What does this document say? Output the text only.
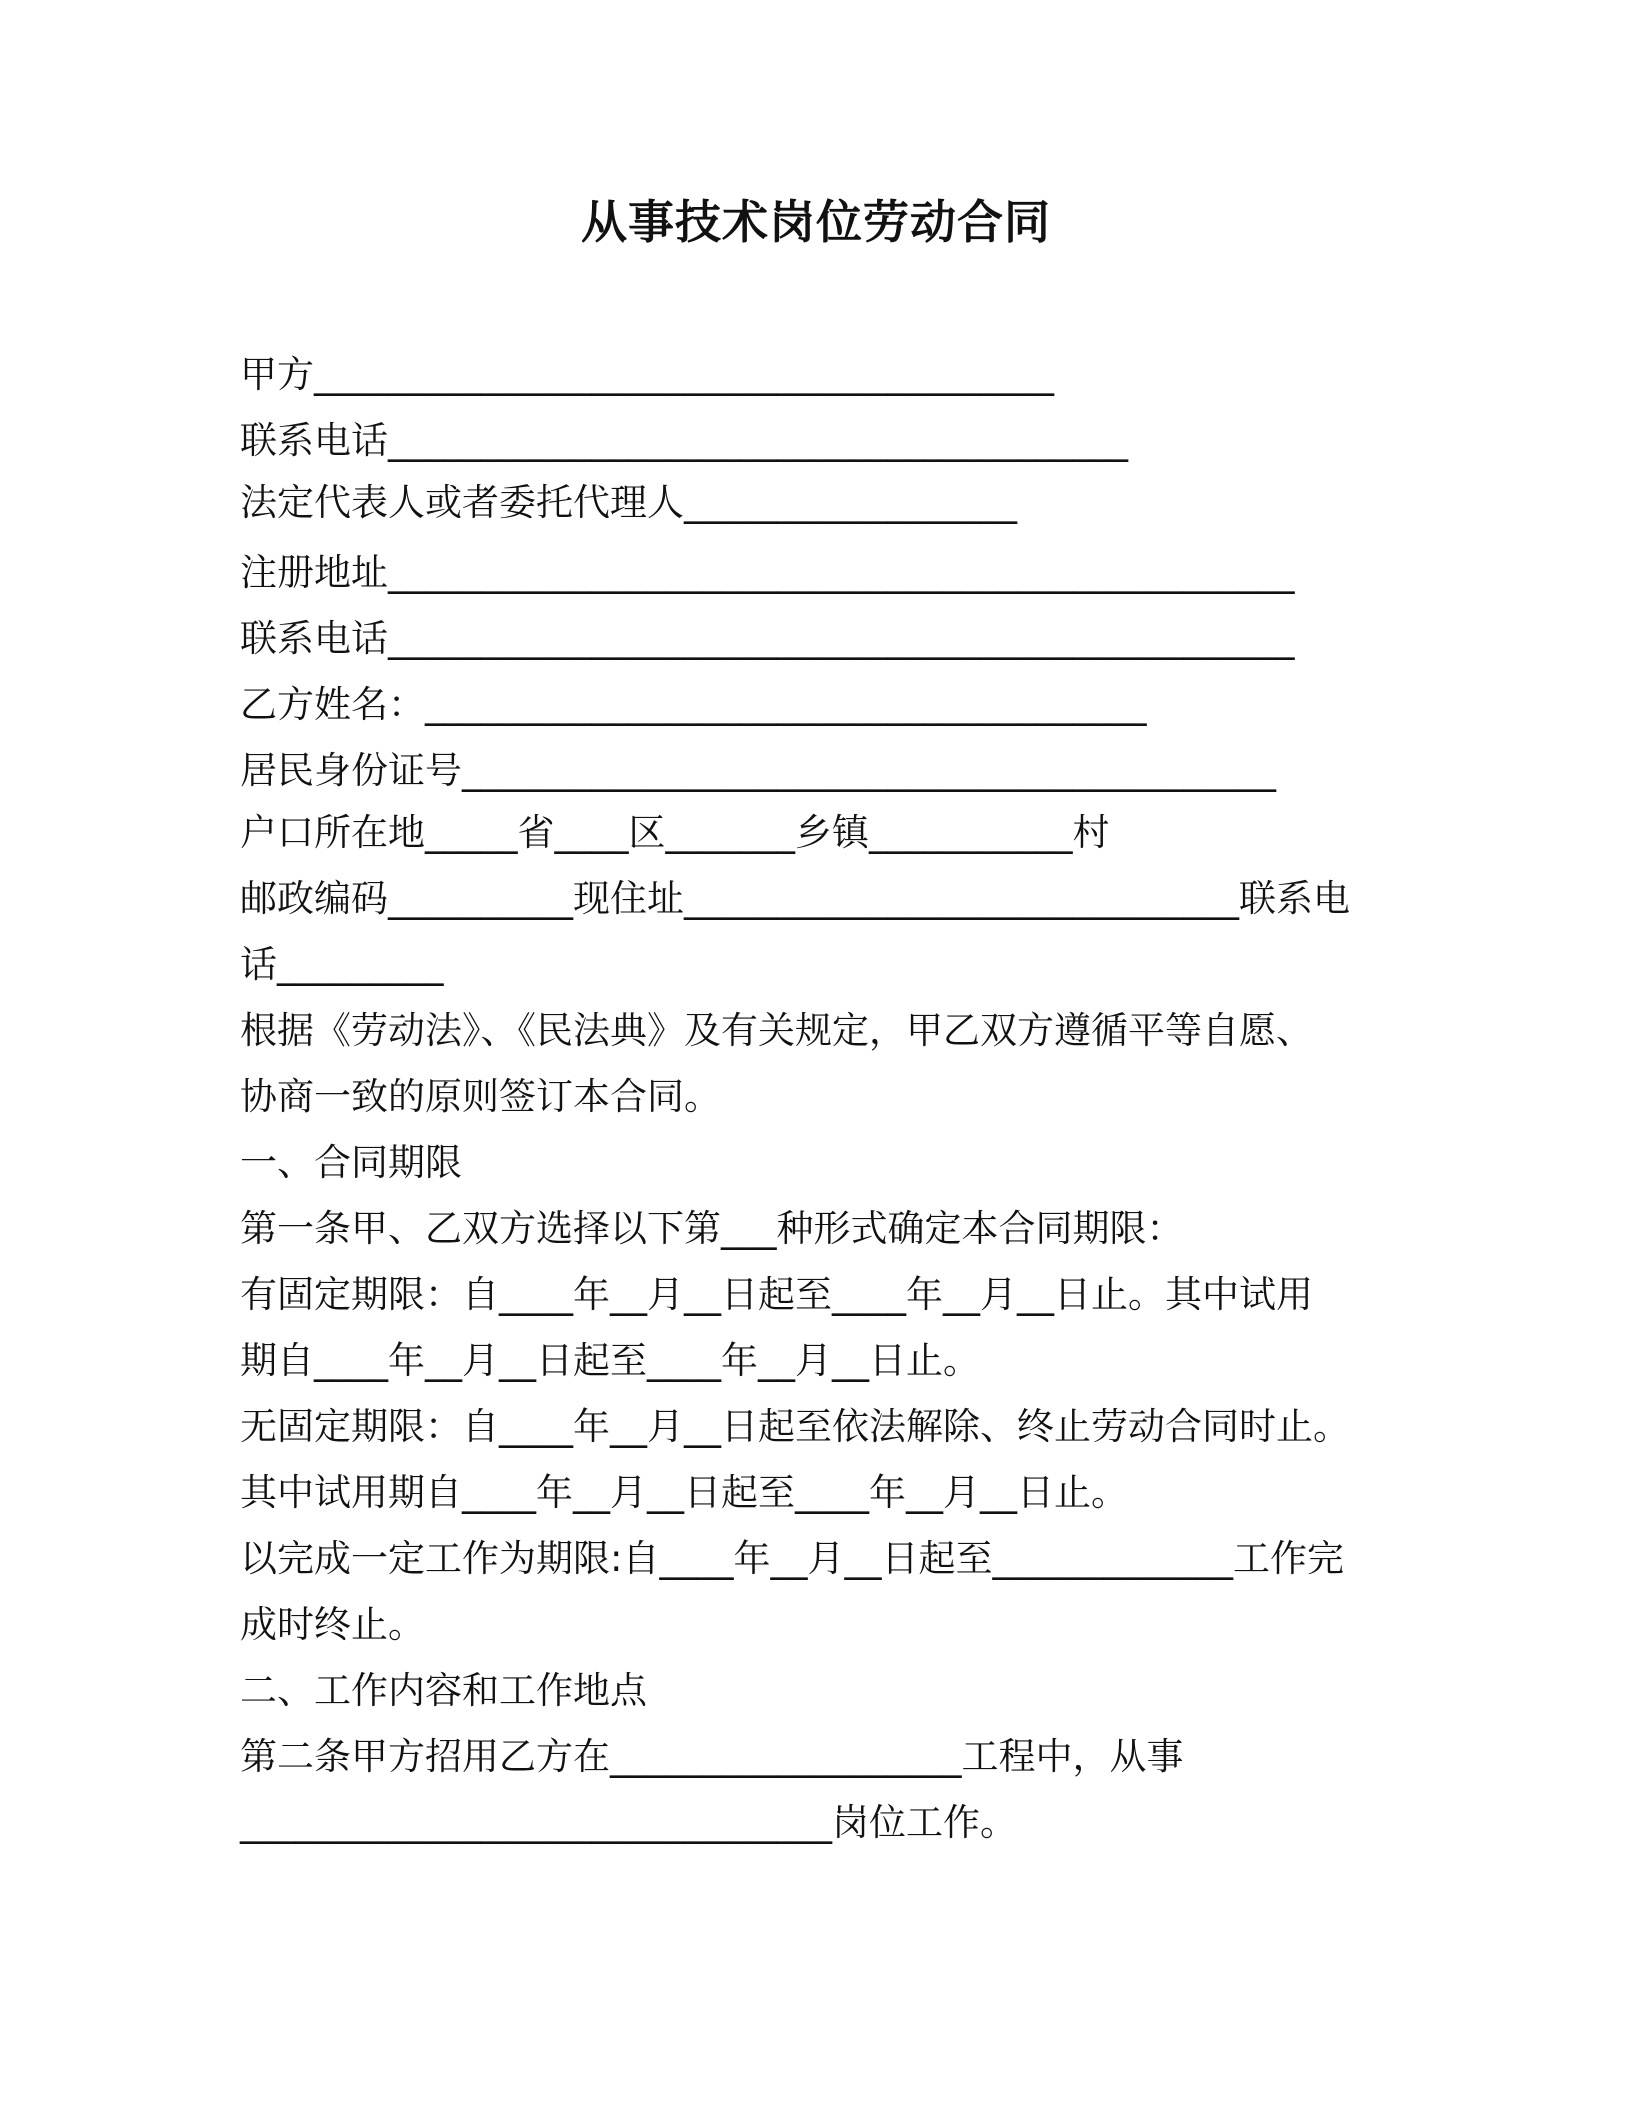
从事技术岗位劳动合同

甲方________________________________________

联系电话________________________________________

法定代表人或者委托代理人__________________

注册地址_________________________________________________

联系电话_________________________________________________

乙方姓名：_______________________________________

居民身份证号____________________________________________

户口所在地_____省____区_______乡镇___________村

邮政编码__________现住址______________________________联系电

话_________

根据《劳动法》、《民法典》及有关规定，甲乙双方遵循平等自愿、

协商一致的原则签订本合同。

一、合同期限

第一条甲、乙双方选择以下第___种形式确定本合同期限：

有固定期限：自____年__月__日起至____年__月__日止。其中试用

期自____年__月__日起至____年__月__日止。

无固定期限：自____年__月__日起至依法解除、终止劳动合同时止。

其中试用期自____年__月__日起至____年__月__日止。

以完成一定工作为期限:自____年__月__日起至_____________工作完

成时终止。

二、工作内容和工作地点

第二条甲方招用乙方在___________________工程中，从事

________________________________岗位工作。
